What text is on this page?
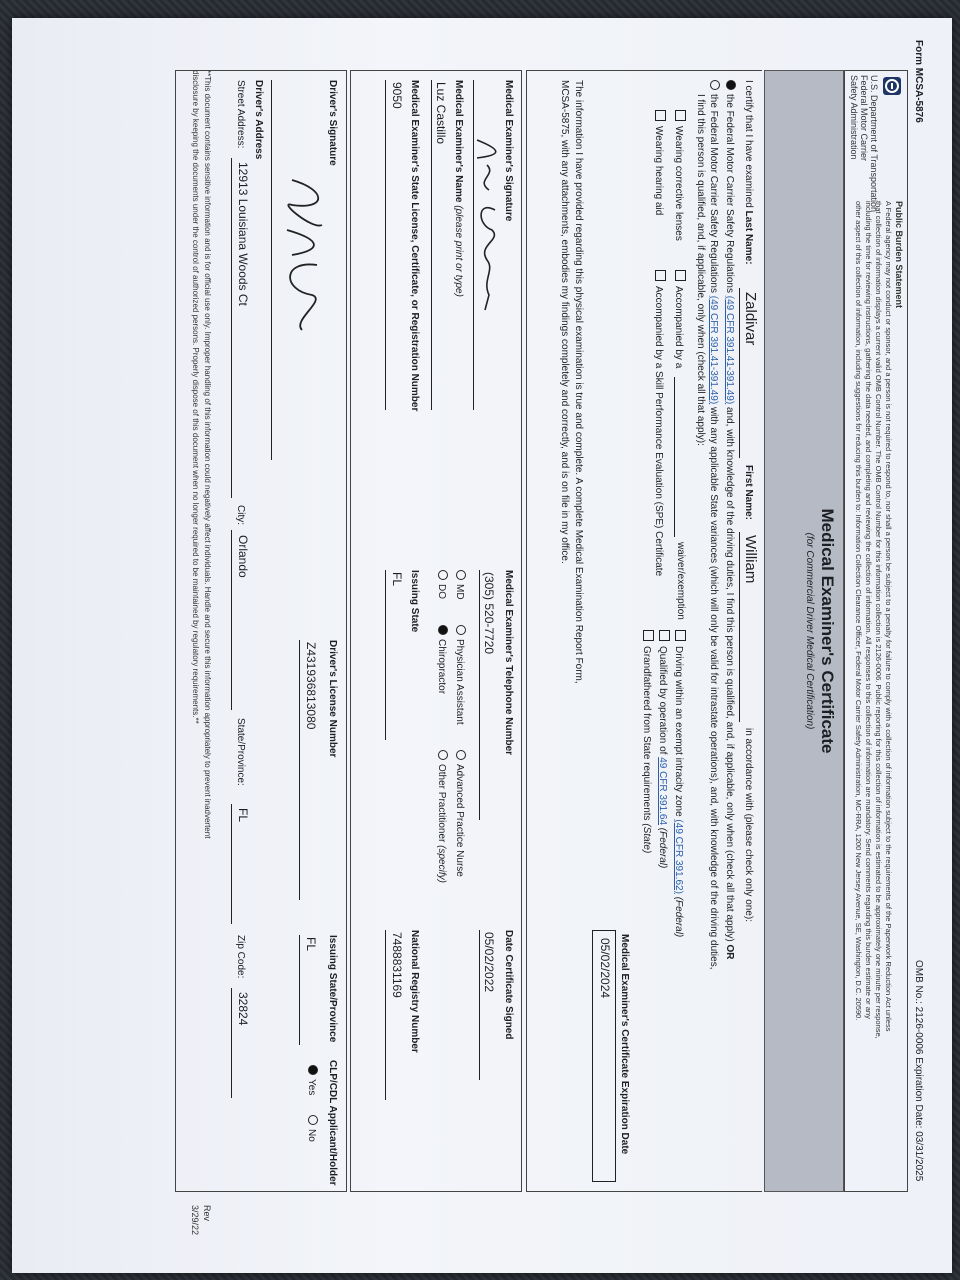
Form MCSA-5876
OMB No.: 2126-0006 Expiration Date: 03/31/2025
U.S. Department of Transportation
Federal Motor Carrier
Safety Administration
Public Burden Statement
A Federal agency may not conduct or sponsor, and a person is not required to respond to, nor shall a person be subject to a penalty for failure to comply with a collection of information subject to the requirements of the Paperwork Reduction Act unless
that collection of information displays a current valid OMB Control Number. The OMB Control Number for this information collection is 2126-0006. Public reporting for this collection of information is estimated to be approximately one minute per response,
including the time for reviewing instructions, gathering the data needed, and completing and reviewing the collection of information. All responses to this collection of information are mandatory. Send comments regarding this burden estimate or any
other aspect of this collection of information, including suggestions for reducing this burden to: Information Collection Clearance Officer, Federal Motor Carrier Safety Administration, MC-RRA, 1200 New Jersey Avenue, SE, Washington, D.C. 20590.
Medical Examiner's Certificate
(for Commercial Driver Medical Certification)
I certify that I have examined Last Name:
Zaldivar
First Name:
William
in accordance with (please check only one):
the Federal Motor Carrier Safety Regulations (49 CFR 391.41-391.49) and, with knowledge of the driving duties, I find this person is qualified, and, if applicable, only when (check all that apply) OR
the Federal Motor Carrier Safety Regulations (49 CFR 391.41-391.49) with any applicable State variances (which will only be valid for intrastate operations), and, with knowledge of the driving duties,
I find this person is qualified, and, if applicable, only when (check all that apply):
Wearing corrective lenses
Wearing hearing aid
Accompanied by a
waiver/exemption
Accompanied by a Skill Performance Evaluation (SPE) Certificate
Driving within an exempt intracity zone (49 CFR 391.62) (Federal)
Qualified by operation of 49 CFR 391.64 (Federal)
Grandfathered from State requirements (State)
Medical Examiner's Certificate Expiration Date
05/02/2024
The information I have provided regarding this physical examination is true and complete. A complete Medical Examination Report Form,
MCSA-5875, with any attachments, embodies my findings completely and correctly, and is on file in my office.
Medical Examiner's Signature
Medical Examiner's Name (please print or type)
Luz Castillo
Medical Examiner's State License, Certificate, or Registration Number
9050
Medical Examiner's Telephone Number
(305) 520-7720
MD
DO
Physician Assistant
Chiropractor
Advanced Practice Nurse
Other Practitioner (specify)
Issuing State
FL
Date Certificate Signed
05/02/2022
National Registry Number
7488831169
Driver's Signature
Driver's License Number
Z431936813080
Issuing State/Province
FL
CLP/CDL Applicant/Holder
Yes
No
Driver's Address
Street Address:
12913 Louisiana Woods Ct
City:
Orlando
State/Province:
FL
Zip Code:
32824
**This document contains sensitive information and is for official use only. Improper handling of this information could negatively affect individuals. Handle and secure this information appropriately to prevent inadvertent
disclosure by keeping the documents under the control of authorized persons. Properly dispose of this document when no longer required to be maintained by regulatory requirements.**
Rev
3/29/22
